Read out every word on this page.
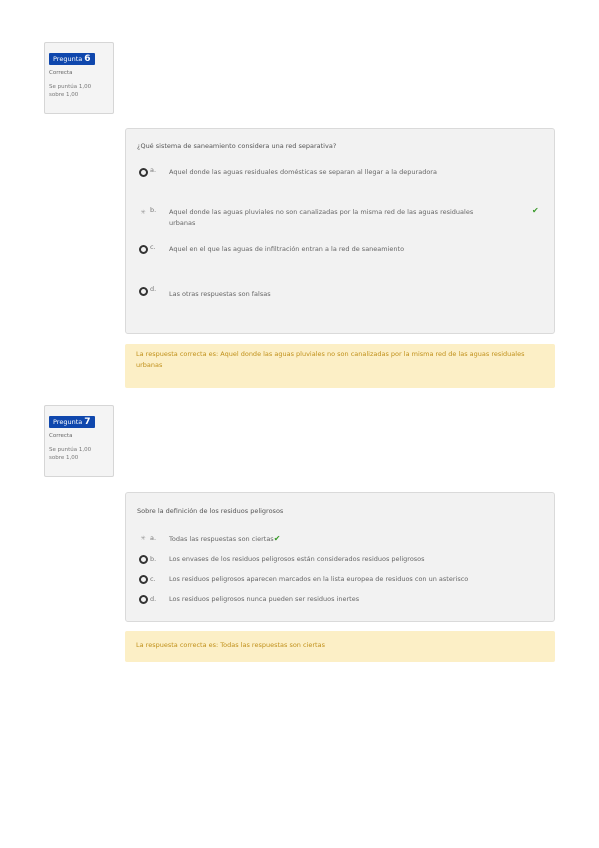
Pregunta 6
Correcta
Se puntúa 1,00
sobre 1,00
¿Qué sistema de saneamiento considera una red separativa?
a. Aquel donde las aguas residuales domésticas se separan al llegar a la depuradora
✳ b. Aquel donde las aguas pluviales no son canalizadas por la misma red de las aguas residuales urbanas
✔
c. Aquel en el que las aguas de infiltración entran a la red de saneamiento
d.
Las otras respuestas son falsas
La respuesta correcta es: Aquel donde las aguas pluviales no son canalizadas por la misma red de las aguas residuales urbanas
Pregunta 7
Correcta
Se puntúa 1,00
sobre 1,00
Sobre la definición de los residuos peligrosos
✳ a. Todas las respuestas son ciertas✔
b. Los envases de los residuos peligrosos están considerados residuos peligrosos
c. Los residuos peligrosos aparecen marcados en la lista europea de residuos con un asterisco
d. Los residuos peligrosos nunca pueden ser residuos inertes
La respuesta correcta es: Todas las respuestas son ciertas
